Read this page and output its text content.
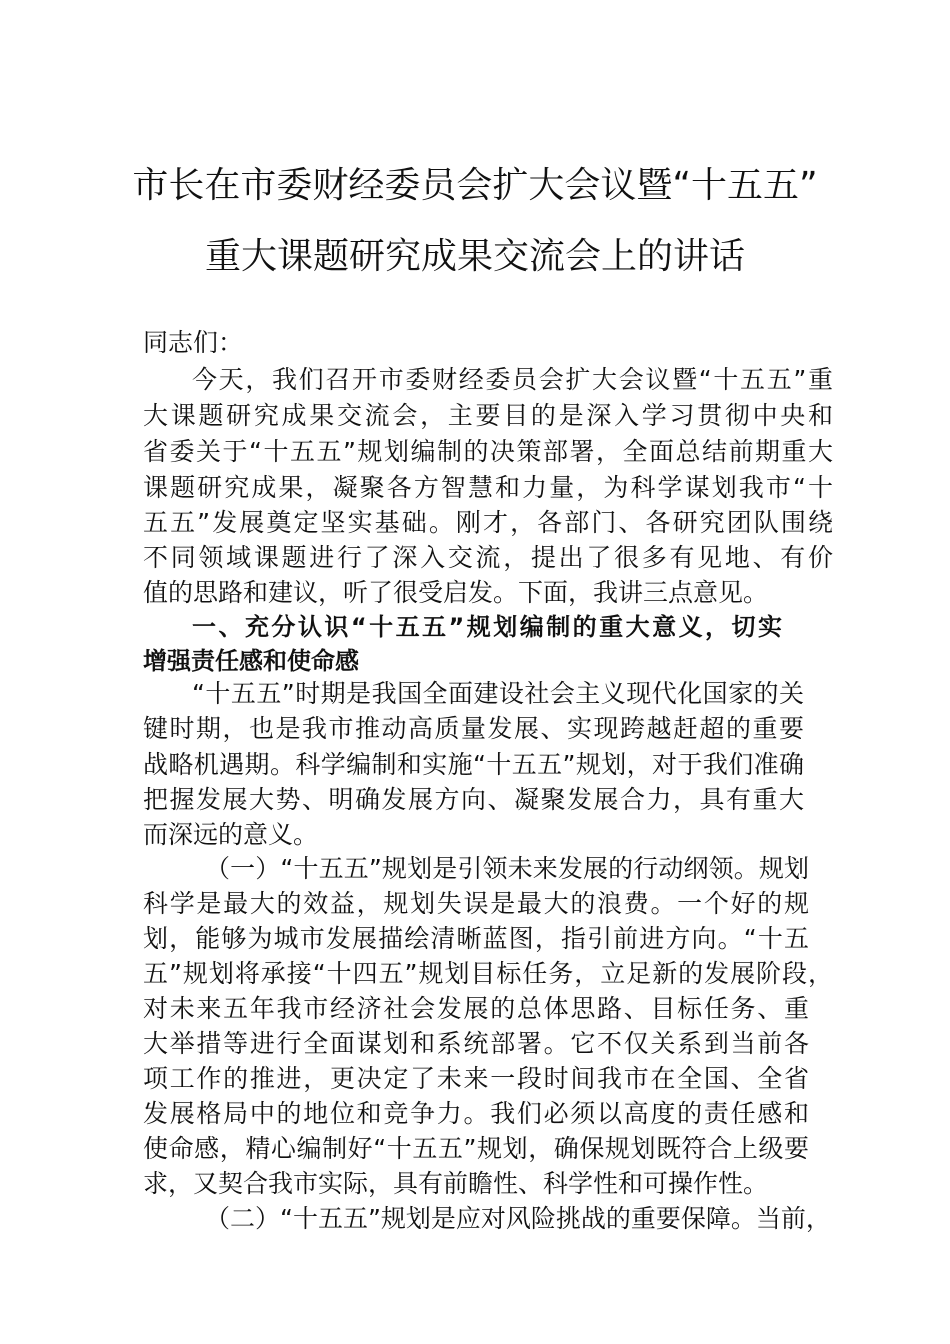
市长在市委财经委员会扩大会议暨“十五五”
重大课题研究成果交流会上的讲话
同志们：
今天，我们召开市委财经委员会扩大会议暨“十五五”重
大课题研究成果交流会，主要目的是深入学习贯彻中央和
省委关于“十五五”规划编制的决策部署，全面总结前期重大
课题研究成果，凝聚各方智慧和力量，为科学谋划我市“十
五五”发展奠定坚实基础。刚才，各部门、各研究团队围绕
不同领域课题进行了深入交流，提出了很多有见地、有价
值的思路和建议，听了很受启发。下面，我讲三点意见。
一、充分认识“十五五”规划编制的重大意义，切实
增强责任感和使命感
“十五五”时期是我国全面建设社会主义现代化国家的关
键时期，也是我市推动高质量发展、实现跨越赶超的重要
战略机遇期。科学编制和实施“十五五”规划，对于我们准确
把握发展大势、明确发展方向、凝聚发展合力，具有重大
而深远的意义。
（一）“十五五”规划是引领未来发展的行动纲领。规划
科学是最大的效益，规划失误是最大的浪费。一个好的规
划，能够为城市发展描绘清晰蓝图，指引前进方向。“十五
五”规划将承接“十四五”规划目标任务，立足新的发展阶段，
对未来五年我市经济社会发展的总体思路、目标任务、重
大举措等进行全面谋划和系统部署。它不仅关系到当前各
项工作的推进，更决定了未来一段时间我市在全国、全省
发展格局中的地位和竞争力。我们必须以高度的责任感和
使命感，精心编制好“十五五”规划，确保规划既符合上级要
求，又契合我市实际，具有前瞻性、科学性和可操作性。
（二）“十五五”规划是应对风险挑战的重要保障。当前，
